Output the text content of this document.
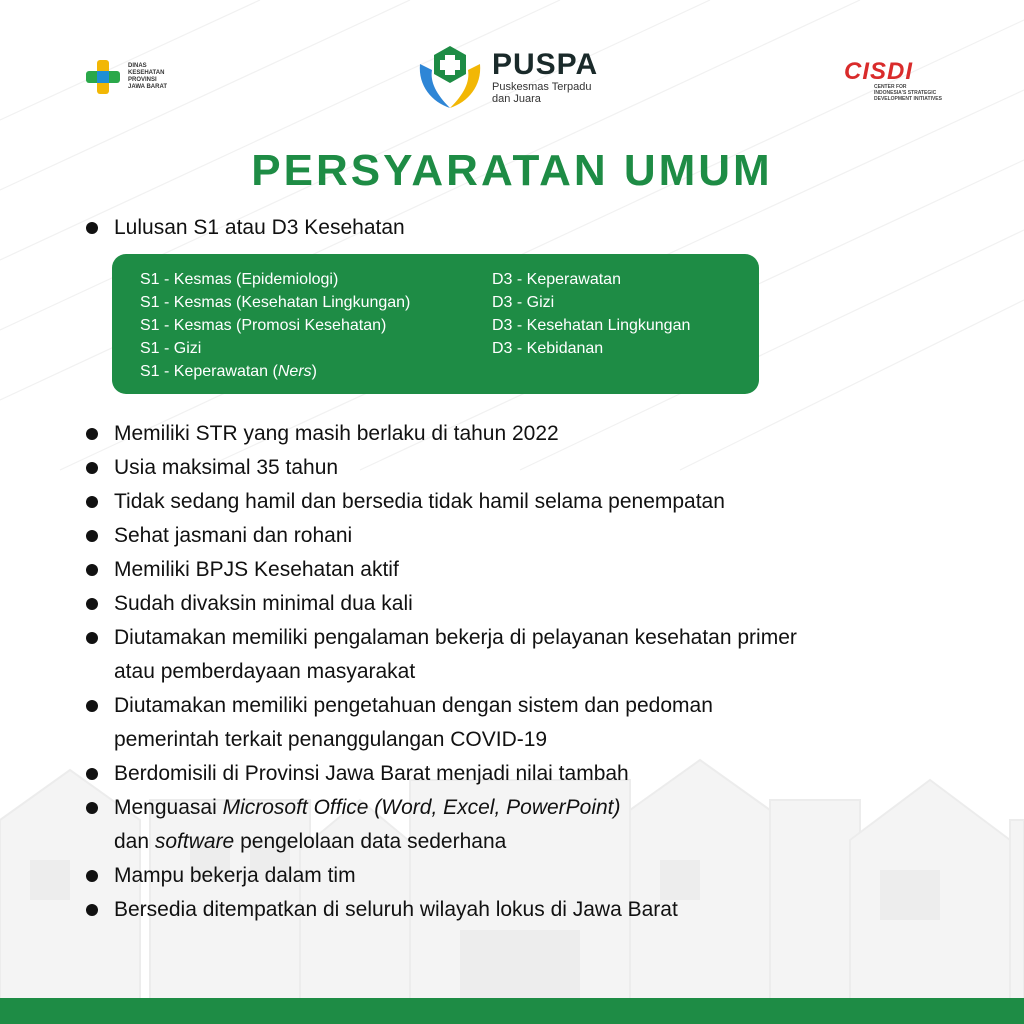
DINAS
KESEHATAN
PROVINSI
JAWA BARAT
PUSPA
Puskesmas Terpadu
dan Juara
CISDI
CENTER FOR
INDONESIA'S STRATEGIC
DEVELOPMENT INITIATIVES
PERSYARATAN UMUM
Lulusan S1 atau D3 Kesehatan
S1 - Kesmas (Epidemiologi)
S1 - Kesmas (Kesehatan Lingkungan)
S1 - Kesmas (Promosi Kesehatan)
S1 - Gizi
S1 - Keperawatan (Ners)
D3 - Keperawatan
D3 - Gizi
D3 - Kesehatan Lingkungan
D3 - Kebidanan
Memiliki STR yang masih berlaku di tahun 2022
Usia maksimal 35 tahun
Tidak sedang hamil dan bersedia tidak hamil selama penempatan
Sehat jasmani dan rohani
Memiliki BPJS Kesehatan aktif
Sudah divaksin minimal dua kali
Diutamakan memiliki pengalaman bekerja di pelayanan kesehatan primer
atau pemberdayaan masyarakat
Diutamakan memiliki pengetahuan dengan sistem dan pedoman
pemerintah terkait penanggulangan COVID-19
Berdomisili di Provinsi Jawa Barat menjadi nilai tambah
Menguasai Microsoft Office (Word, Excel, PowerPoint)
dan software pengelolaan data sederhana
Mampu bekerja dalam tim
Bersedia ditempatkan di seluruh wilayah lokus di Jawa Barat
